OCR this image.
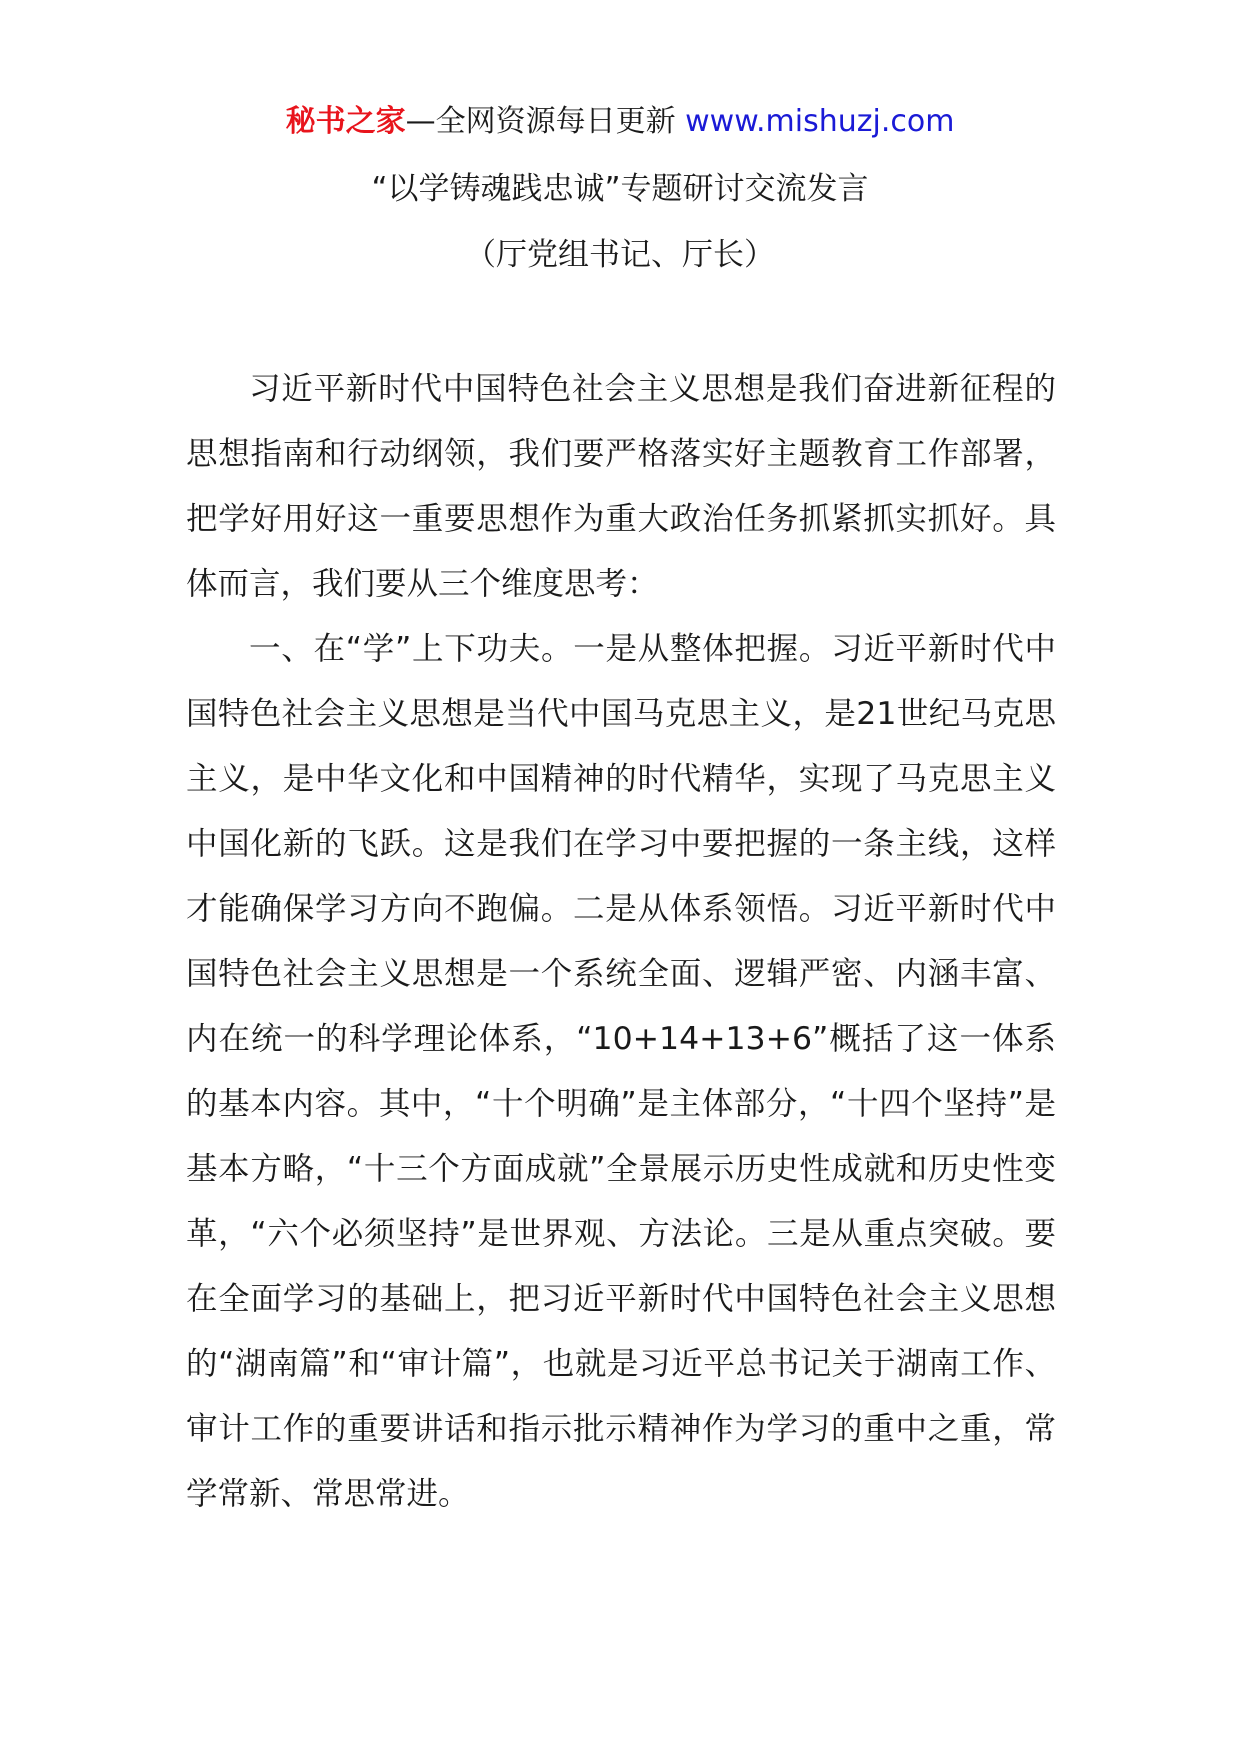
秘书之家—全网资源每日更新 www.mishuzj.com
“以学铸魂践忠诚”专题研讨交流发言
（厅党组书记、厅长）

习近平新时代中国特色社会主义思想是我们奋进新征程的思想指南和行动纲领，我们要严格落实好主题教育工作部署，把学好用好这一重要思想作为重大政治任务抓紧抓实抓好。具体而言，我们要从三个维度思考：

一、在“学”上下功夫。一是从整体把握。习近平新时代中国特色社会主义思想是当代中国马克思主义，是21世纪马克思主义，是中华文化和中国精神的时代精华，实现了马克思主义中国化新的飞跃。这是我们在学习中要把握的一条主线，这样才能确保学习方向不跑偏。二是从体系领悟。习近平新时代中国特色社会主义思想是一个系统全面、逻辑严密、内涵丰富、内在统一的科学理论体系，“10+14+13+6”概括了这一体系的基本内容。其中，“十个明确”是主体部分，“十四个坚持”是基本方略，“十三个方面成就”全景展示历史性成就和历史性变革，“六个必须坚持”是世界观、方法论。三是从重点突破。要在全面学习的基础上，把习近平新时代中国特色社会主义思想的“湖南篇”和“审计篇”，也就是习近平总书记关于湖南工作、审计工作的重要讲话和指示批示精神作为学习的重中之重，常学常新、常思常进。
